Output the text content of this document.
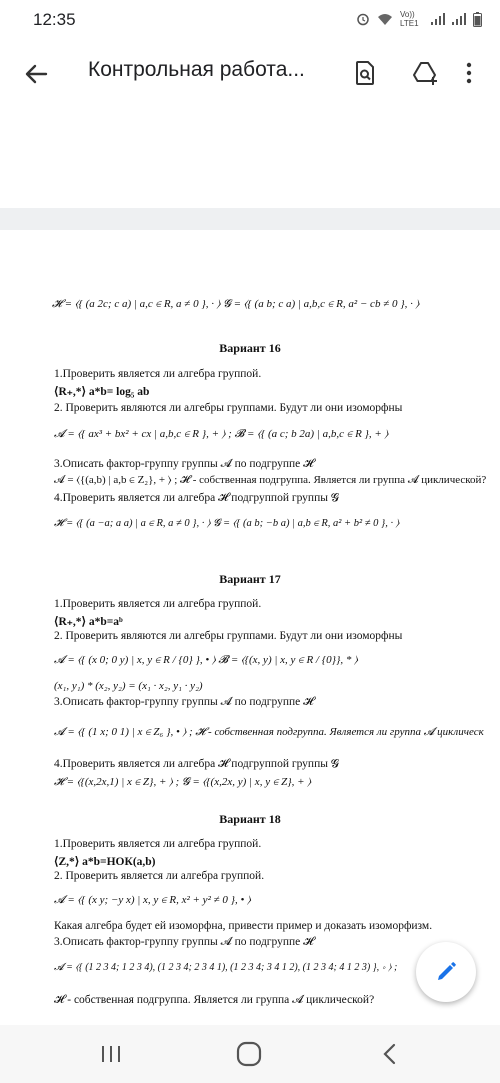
12:35	Vo)) LTE1
Контрольная работа...
𝓗 = ⟨{ (a 2c; c a) | a,c ∈ R, a ≠ 0 }, · ⟩ 𝓖 = ⟨{ (a b; c a) | a,b,c ∈ R, a² − cb ≠ 0 }, · ⟩
Вариант 16
1.Проверить является ли алгебра группой.
⟨R₊,*⟩ a*b= log₅ ab
2. Проверить являются ли алгебры группами. Будут ли они изоморфны
𝓐 = ⟨{ ax³ + bx² + cx | a,b,c ∈ R }, + ⟩ ; 𝓑 = ⟨{ (a c; b 2a) | a,b,c ∈ R }, + ⟩
3.Описать фактор-группу группы 𝓐 по подгруппе 𝓗
𝓐 = ⟨{(a,b) | a,b ∈ Z₂}, + ⟩ ; 𝓗 - собственная подгруппа. Является ли группа 𝓐 циклической?
4.Проверить является ли алгебра 𝓗 подгруппой группы 𝓖
𝓗 = ⟨{ (a −a; a a) | a ∈ R, a ≠ 0 }, · ⟩ 𝓖 = ⟨{ (a b; −b a) | a,b ∈ R, a² + b² ≠ 0 }, · ⟩
Вариант 17
1.Проверить является ли алгебра группой.
⟨R₊,*⟩ a*b=aᵇ
2. Проверить являются ли алгебры группами. Будут ли они изоморфны
𝓐 = ⟨{ (x 0; 0 y) | x, y ∈ R / {0} }, • ⟩ 𝓑 = ⟨{(x, y) | x, y ∈ R / {0}}, * ⟩
(x₁, y₁) * (x₂, y₂) = (x₁ · x₂, y₁ · y₂)
3.Описать фактор-группу группы 𝓐 по подгруппе 𝓗
𝓐 = ⟨{ (1 x; 0 1) | x ∈ Z₆ }, • ⟩ ; 𝓗 - собственная подгруппа. Является ли группа 𝓐 циклическ
4.Проверить является ли алгебра 𝓗 подгруппой группы 𝓖
𝓗 = ⟨{(x,2x,1) | x ∈ Z}, + ⟩ ; 𝓖 = ⟨{(x,2x, y) | x, y ∈ Z}, + ⟩
Вариант 18
1.Проверить является ли алгебра группой.
⟨Z,*⟩ a*b=НОК(a,b)
2. Проверить является ли алгебра группой.
𝓐 = ⟨{ (x y; −y x) | x, y ∈ R, x² + y² ≠ 0 }, • ⟩
Какая алгебра будет ей изоморфна, привести пример и доказать изоморфизм.
3.Описать фактор-группу группы 𝓐 по подгруппе 𝓗
𝓐 = ⟨{ (1 2 3 4; 1 2 3 4), (1 2 3 4; 2 3 4 1), (1 2 3 4; 3 4 1 2), (1 2 3 4; 4 1 2 3) }, ∘ ⟩ ;
𝓗 - собственная подгруппа. Является ли группа 𝓐 циклической?
